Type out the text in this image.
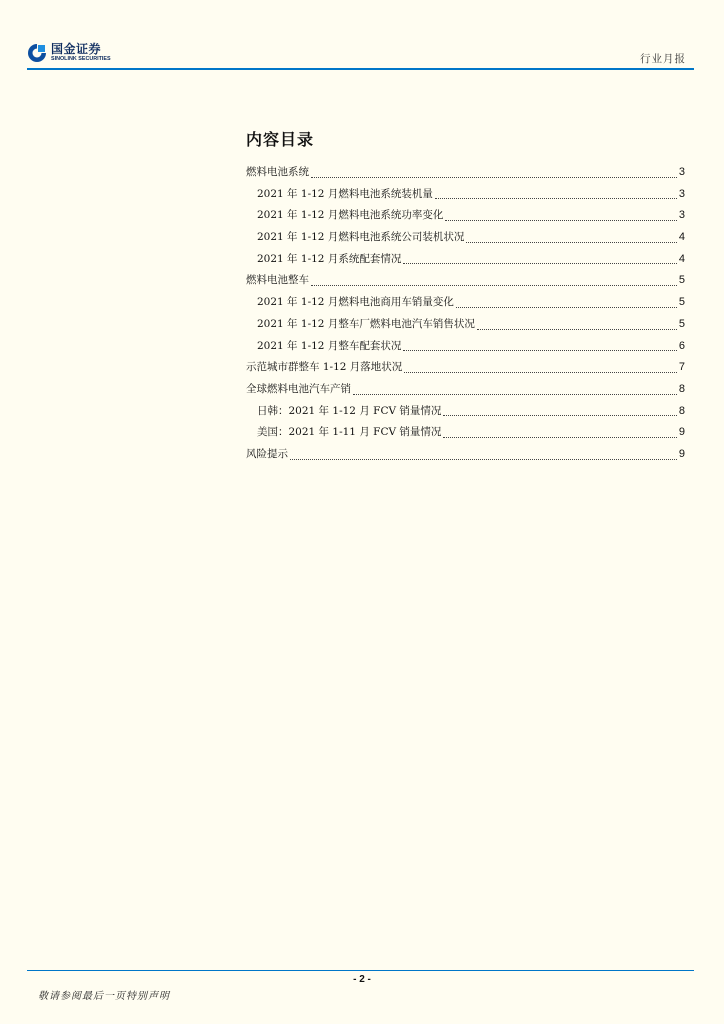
国金证券
SINOLINK SECURITIES	行业月报
内容目录
燃料电池系统	3
2021 年 1-12 月燃料电池系统装机量	3
2021 年 1-12 月燃料电池系统功率变化	3
2021 年 1-12 月燃料电池系统公司装机状况	4
2021 年 1-12 月系统配套情况	4
燃料电池整车	5
2021 年 1-12 月燃料电池商用车销量变化	5
2021 年 1-12 月整车厂燃料电池汽车销售状况	5
2021 年 1-12 月整车配套状况	6
示范城市群整车 1-12 月落地状况	7
全球燃料电池汽车产销	8
日韩：2021 年 1-12 月 FCV 销量情况	8
美国：2021 年 1-11 月 FCV 销量情况	9
风险提示	9
- 2 -
敬请参阅最后一页特别声明
